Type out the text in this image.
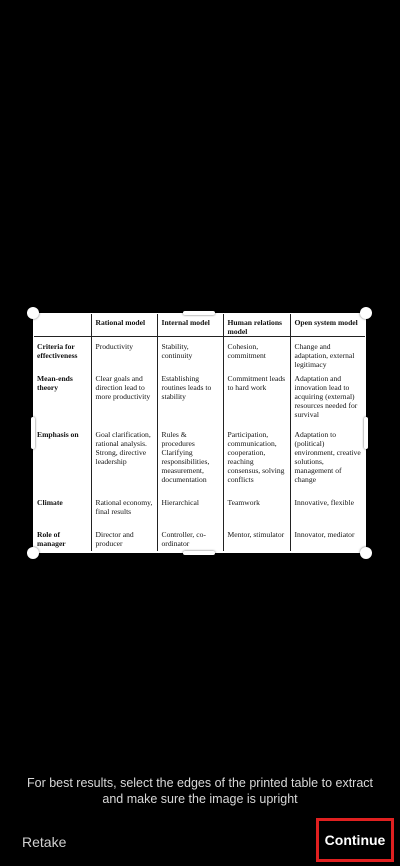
	Rational model	Internal model	Human relations model	Open system model
Criteria for effectiveness	Productivity	Stability, continuity	Cohesion, commitment	Change and adaptation, external legitimacy
Mean-ends theory	Clear goals and direction lead to more productivity	Establishing routines leads to stability	Commitment leads to hard work	Adaptation and innovation lead to acquiring (external) resources needed for survival
Emphasis on	Goal clarification, rational analysis. Strong, directive leadership	Rules & procedures Clarifying responsibilities, measurement, documentation	Participation, communication, cooperation, reaching consensus, solving conflicts	Adaptation to (political) environment, creative solutions, management of change
Climate	Rational economy, final results	Hierarchical	Teamwork	Innovative, flexible
Role of manager	Director and producer	Controller, co-ordinator	Mentor, stimulator	Innovator, mediator
For best results, select the edges of the printed table to extract and make sure the image is upright
Retake	Continue
